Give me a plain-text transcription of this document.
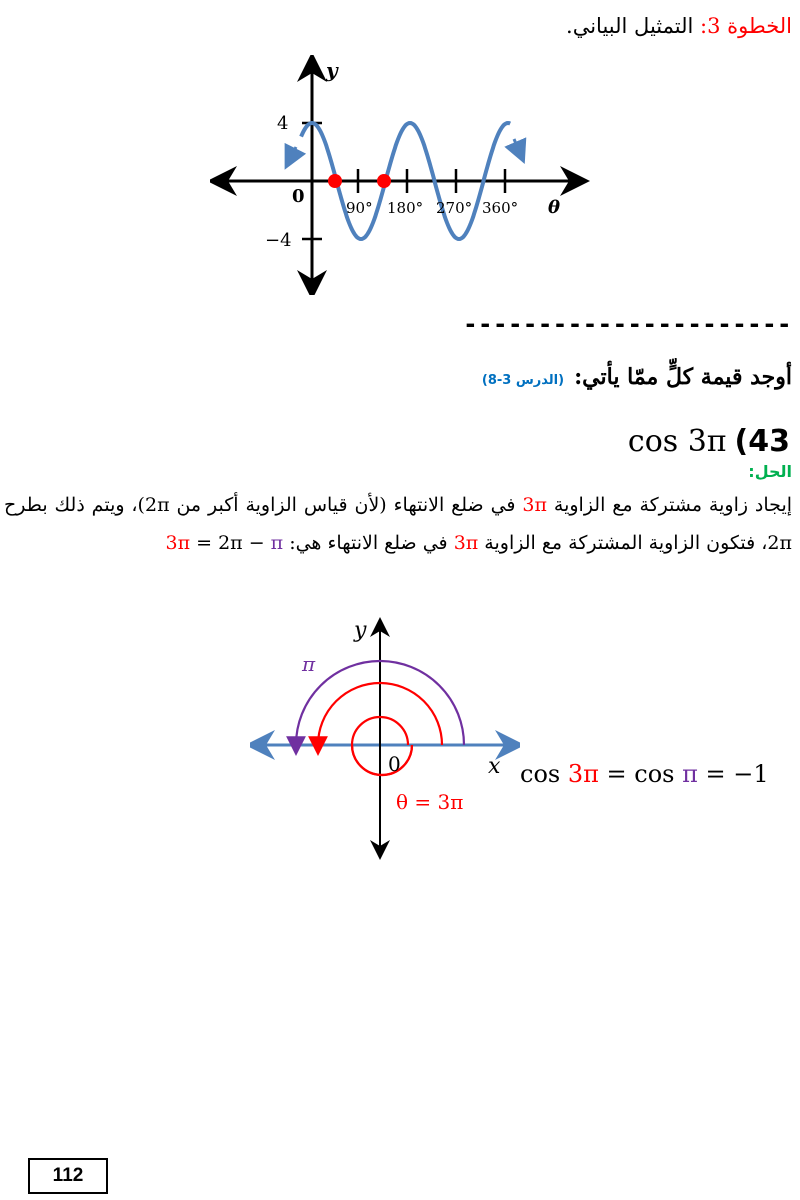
الخطوة 3: التمثيل البياني.
y
4
−4
0
90° 180° 270° 360° θ
----------------------
أوجد قيمة كلٍّ ممّا يأتي:(الدرس 3-8)
cos 3π (43
الحل:
إيجاد زاوية مشتركة مع الزاوية 3π في ضلع الانتهاء (لأن قياس الزاوية أكبر من 2π)، ويتم ذلك بطرح 2π، فتكون الزاوية المشتركة مع الزاوية 3π في ضلع الانتهاء هي: 3π = 2π − π
y
x
0
π
θ = 3π
cos 3π = cos π = −1
112
